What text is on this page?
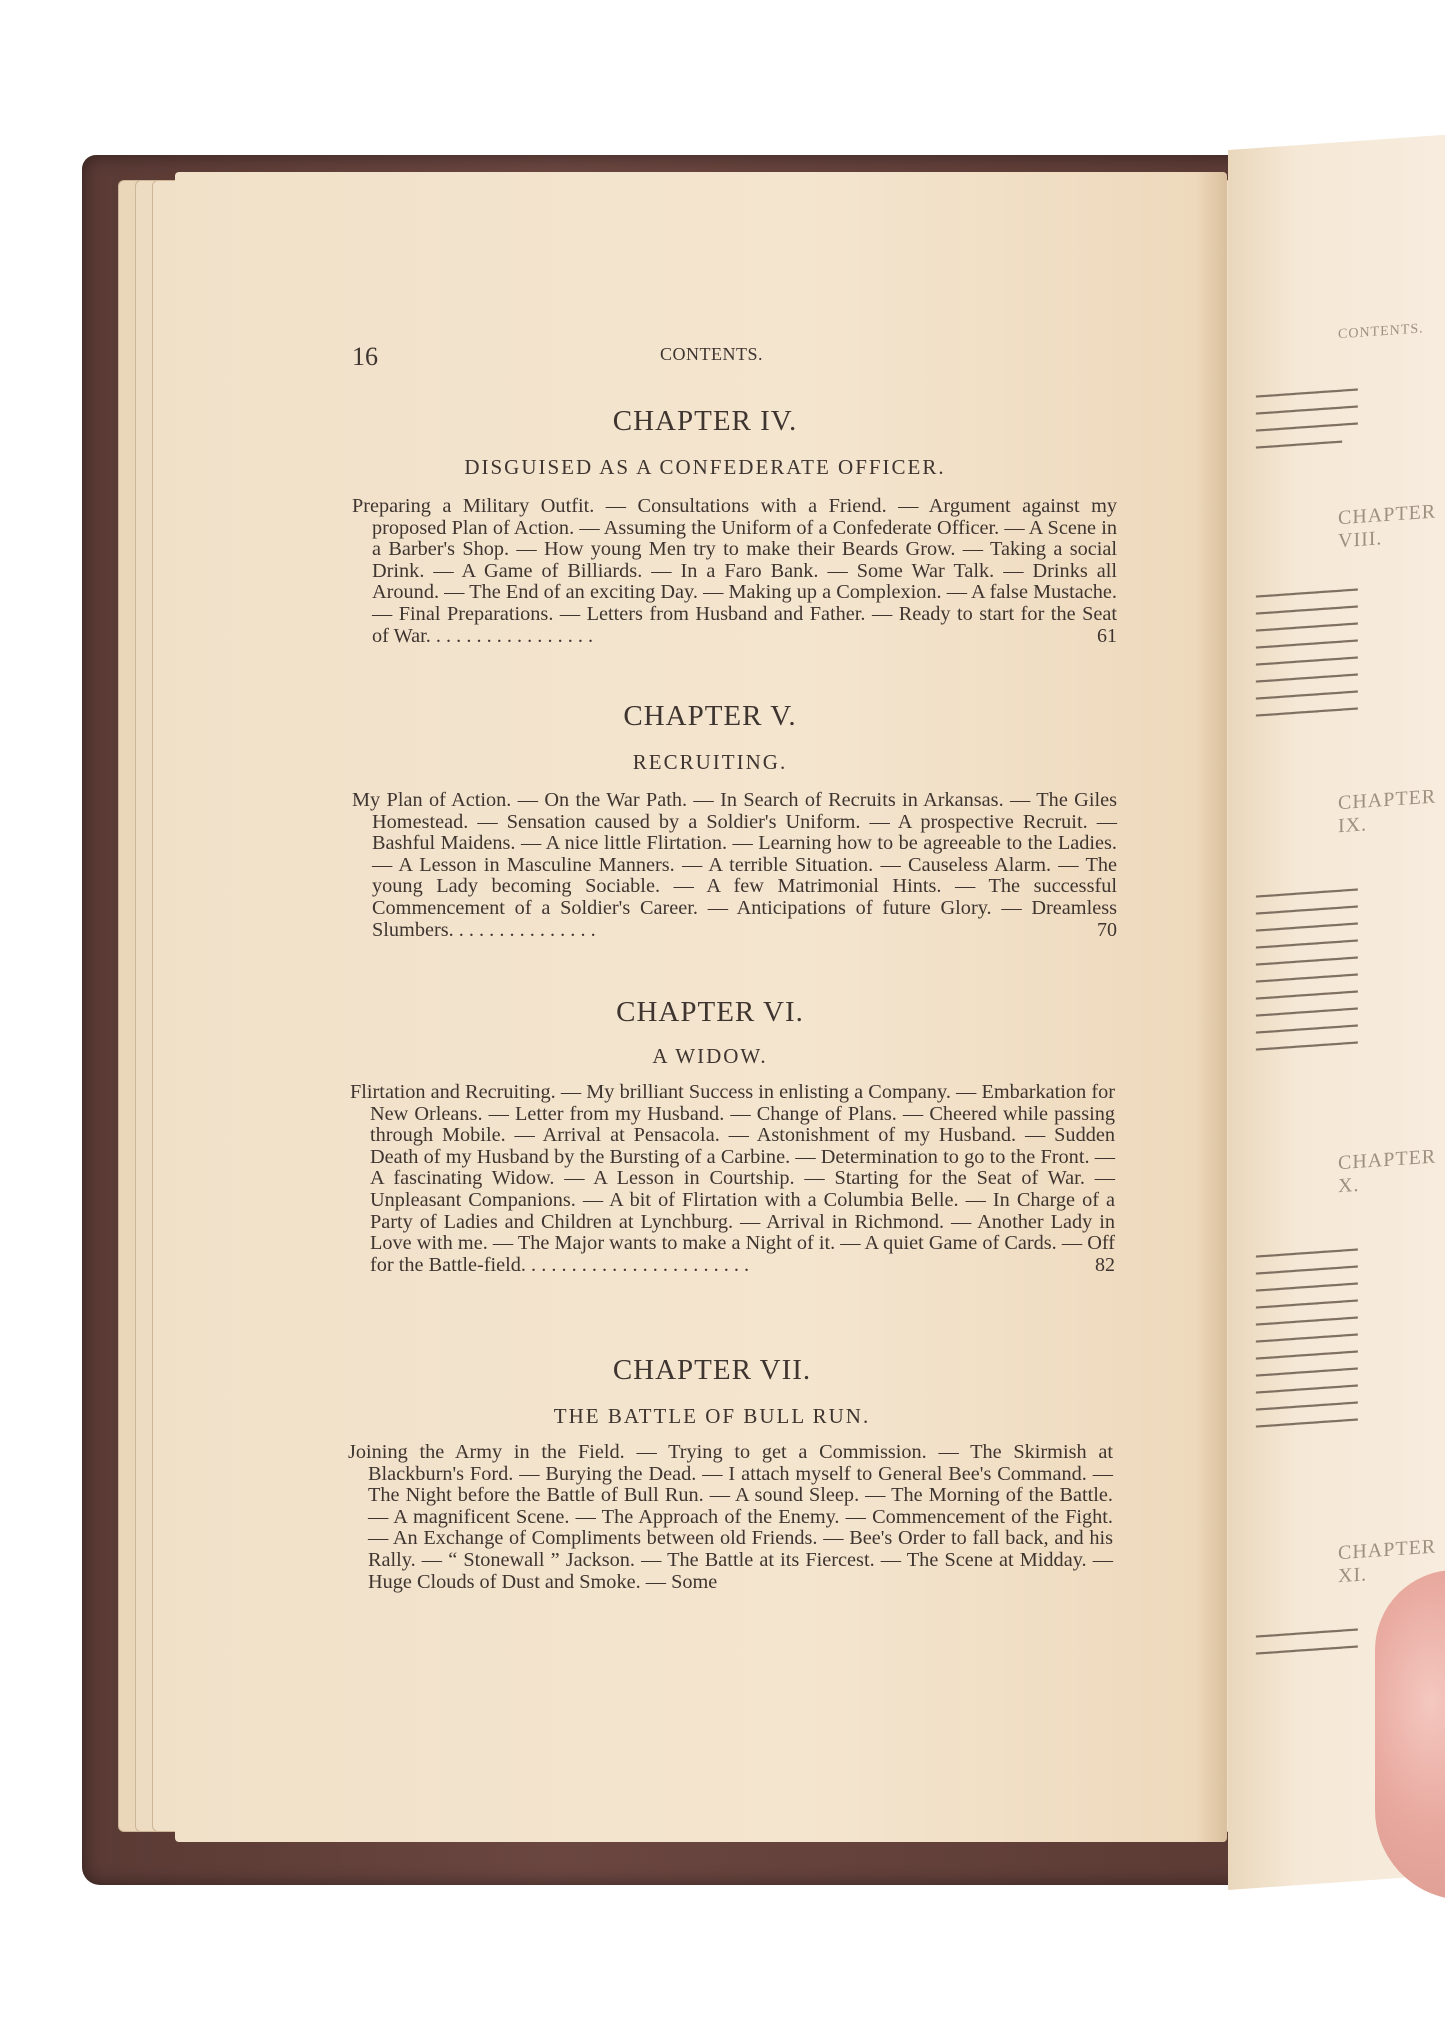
CONTENTS.
━━━━━━━━━━━━━
━━━━━━━━━━━━━
━━━━━━━━━━━━━
━━━━━━━━━━━
CHAPTER VIII.
━━━━━━━━━━━━━
━━━━━━━━━━━━━
━━━━━━━━━━━━━
━━━━━━━━━━━━━
━━━━━━━━━━━━━
━━━━━━━━━━━━━
━━━━━━━━━━━━━
━━━━━━━━━━━━━
CHAPTER IX.
━━━━━━━━━━━━━
━━━━━━━━━━━━━
━━━━━━━━━━━━━
━━━━━━━━━━━━━
━━━━━━━━━━━━━
━━━━━━━━━━━━━
━━━━━━━━━━━━━
━━━━━━━━━━━━━
━━━━━━━━━━━━━
━━━━━━━━━━━━━
CHAPTER X.
━━━━━━━━━━━━━
━━━━━━━━━━━━━
━━━━━━━━━━━━━
━━━━━━━━━━━━━
━━━━━━━━━━━━━
━━━━━━━━━━━━━
━━━━━━━━━━━━━
━━━━━━━━━━━━━
━━━━━━━━━━━━━
━━━━━━━━━━━━━
━━━━━━━━━━━━━
CHAPTER XI.
━━━━━━━━━━━━━
━━━━━━━━━━━━━
16	CONTENTS.
CHAPTER IV.
DISGUISED AS A CONFEDERATE OFFICER.
Preparing a Military Outfit. — Consultations with a Friend. — Argument against my proposed Plan of Action. — Assuming the Uniform of a Confederate Officer. — A Scene in a Barber's Shop. — How young Men try to make their Beards Grow. — Taking a social Drink. — A Game of Billiards. — In a Faro Bank. — Some War Talk. — Drinks all Around. — The End of an exciting Day. — Making up a Complexion. — A false Mustache. — Final Preparations. — Letters from Husband and Father. — Ready to start for the Seat of War. . . . . . . . . . . . . . . . .	61
CHAPTER V.
RECRUITING.
My Plan of Action. — On the War Path. — In Search of Recruits in Arkansas. — The Giles Homestead. — Sensation caused by a Soldier's Uniform. — A prospective Recruit. — Bashful Maidens. — A nice little Flirtation. — Learning how to be agreeable to the Ladies. — A Lesson in Masculine Manners. — A terrible Situation. — Causeless Alarm. — The young Lady becoming Sociable. — A few Matrimonial Hints. — The successful Commencement of a Soldier's Career. — Anticipations of future Glory. — Dreamless Slumbers. . . . . . . . . . . . . . .	70
CHAPTER VI.
A WIDOW.
Flirtation and Recruiting. — My brilliant Success in enlisting a Company. — Embarkation for New Orleans. — Letter from my Husband. — Change of Plans. — Cheered while passing through Mobile. — Arrival at Pensacola. — Astonishment of my Husband. — Sudden Death of my Husband by the Bursting of a Carbine. — Determination to go to the Front. — A fascinating Widow. — A Lesson in Courtship. — Starting for the Seat of War. — Unpleasant Companions. — A bit of Flirtation with a Columbia Belle. — In Charge of a Party of Ladies and Children at Lynchburg. — Arrival in Richmond. — Another Lady in Love with me. — The Major wants to make a Night of it. — A quiet Game of Cards. — Off for the Battle-field. . . . . . . . . . . . . . . . . . . . . . .	82
CHAPTER VII.
THE BATTLE OF BULL RUN.
Joining the Army in the Field. — Trying to get a Commission. — The Skirmish at Blackburn's Ford. — Burying the Dead. — I attach myself to General Bee's Command. — The Night before the Battle of Bull Run. — A sound Sleep. — The Morning of the Battle. — A magnificent Scene. — The Approach of the Enemy. — Commencement of the Fight. — An Exchange of Compliments between old Friends. — Bee's Order to fall back, and his Rally. — “ Stonewall ” Jackson. — The Battle at its Fiercest. — The Scene at Midday. — Huge Clouds of Dust and Smoke. — Some
